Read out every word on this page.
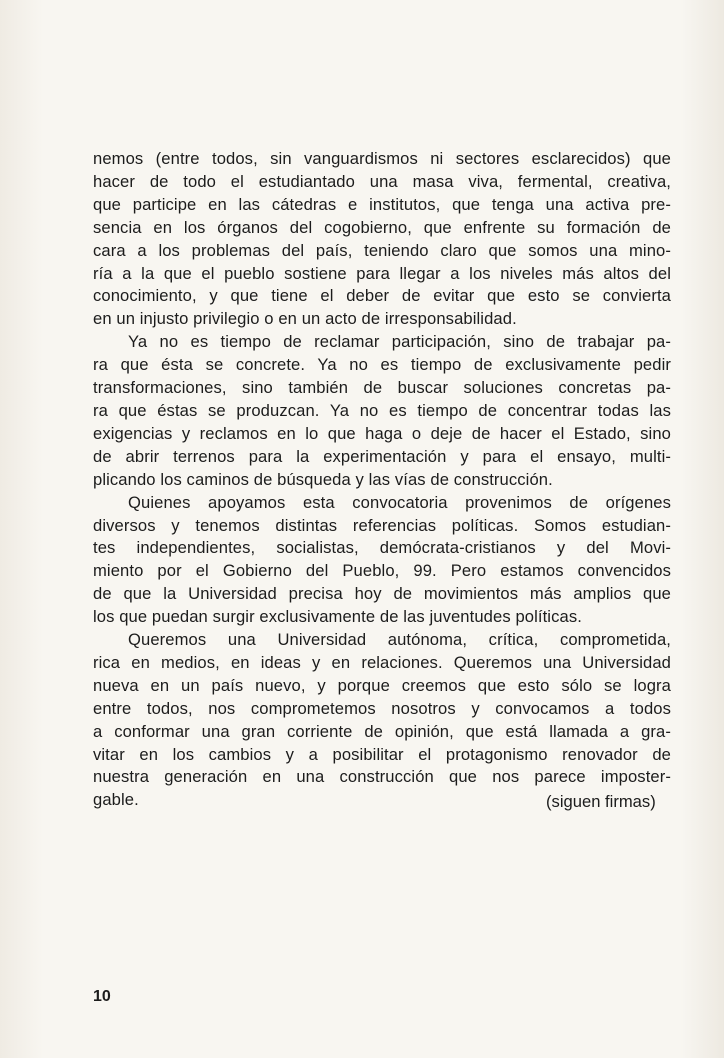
nemos (entre todos, sin vanguardismos ni sectores esclarecidos) que
hacer de todo el estudiantado una masa viva, fermental, creativa,
que participe en las cátedras e institutos, que tenga una activa pre-
sencia en los órganos del cogobierno, que enfrente su formación de
cara a los problemas del país, teniendo claro que somos una mino-
ría a la que el pueblo sostiene para llegar a los niveles más altos del
conocimiento, y que tiene el deber de evitar que esto se convierta
en un injusto privilegio o en un acto de irresponsabilidad.

Ya no es tiempo de reclamar participación, sino de trabajar pa-
ra que ésta se concrete. Ya no es tiempo de exclusivamente pedir
transformaciones, sino también de buscar soluciones concretas pa-
ra que éstas se produzcan. Ya no es tiempo de concentrar todas las
exigencias y reclamos en lo que haga o deje de hacer el Estado, sino
de abrir terrenos para la experimentación y para el ensayo, multi-
plicando los caminos de búsqueda y las vías de construcción.

Quienes apoyamos esta convocatoria provenimos de orígenes
diversos y tenemos distintas referencias políticas. Somos estudian-
tes independientes, socialistas, demócrata-cristianos y del Movi-
miento por el Gobierno del Pueblo, 99. Pero estamos convencidos
de que la Universidad precisa hoy de movimientos más amplios que
los que puedan surgir exclusivamente de las juventudes políticas.

Queremos una Universidad autónoma, crítica, comprometida,
rica en medios, en ideas y en relaciones. Queremos una Universidad
nueva en un país nuevo, y porque creemos que esto sólo se logra
entre todos, nos comprometemos nosotros y convocamos a todos
a conformar una gran corriente de opinión, que está llamada a gra-
vitar en los cambios y a posibilitar el protagonismo renovador de
nuestra generación en una construcción que nos parece imposter-
gable.	(siguen firmas)
10
